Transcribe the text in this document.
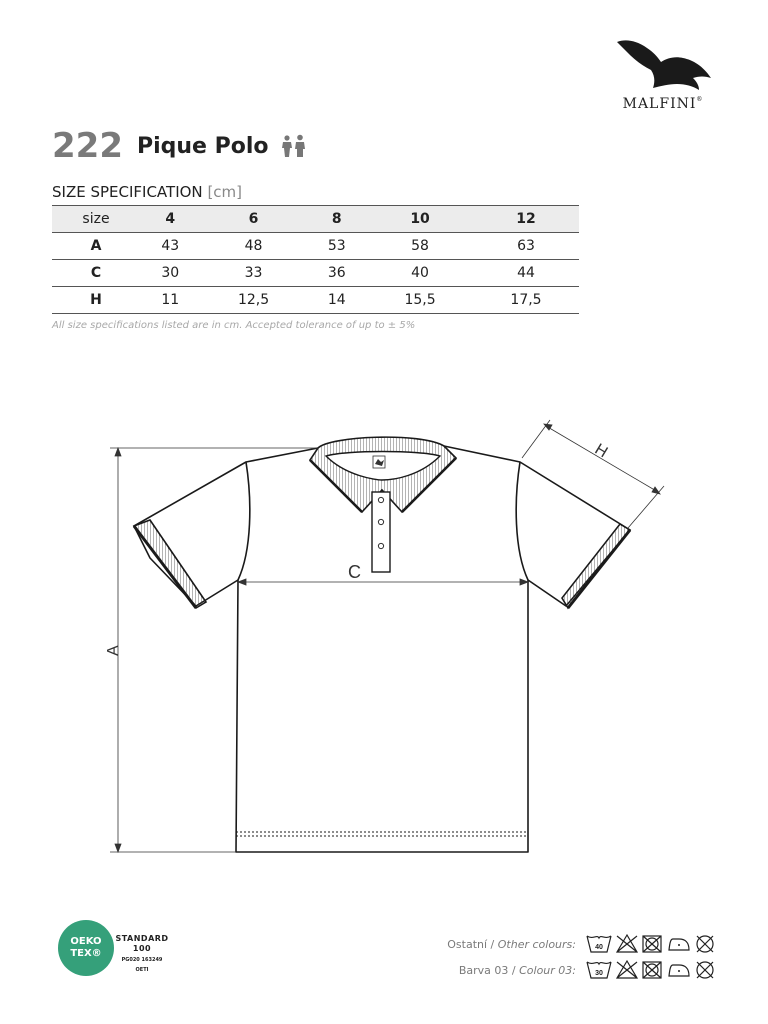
MALFINI®
222 Pique Polo
SIZE SPECIFICATION [cm]
size	4	6	8	10	12
A	43	48	53	58	63
C	30	33	36	40	44
H	11	12,5	14	15,5	17,5
All size specifications listed are in cm. Accepted tolerance of up to ± 5%
A
C
H
OEKO
TEX®
STANDARD
100
PG020 163249
OETI
Ostatní / Other colours:	40
Barva 03 / Colour 03:	30
